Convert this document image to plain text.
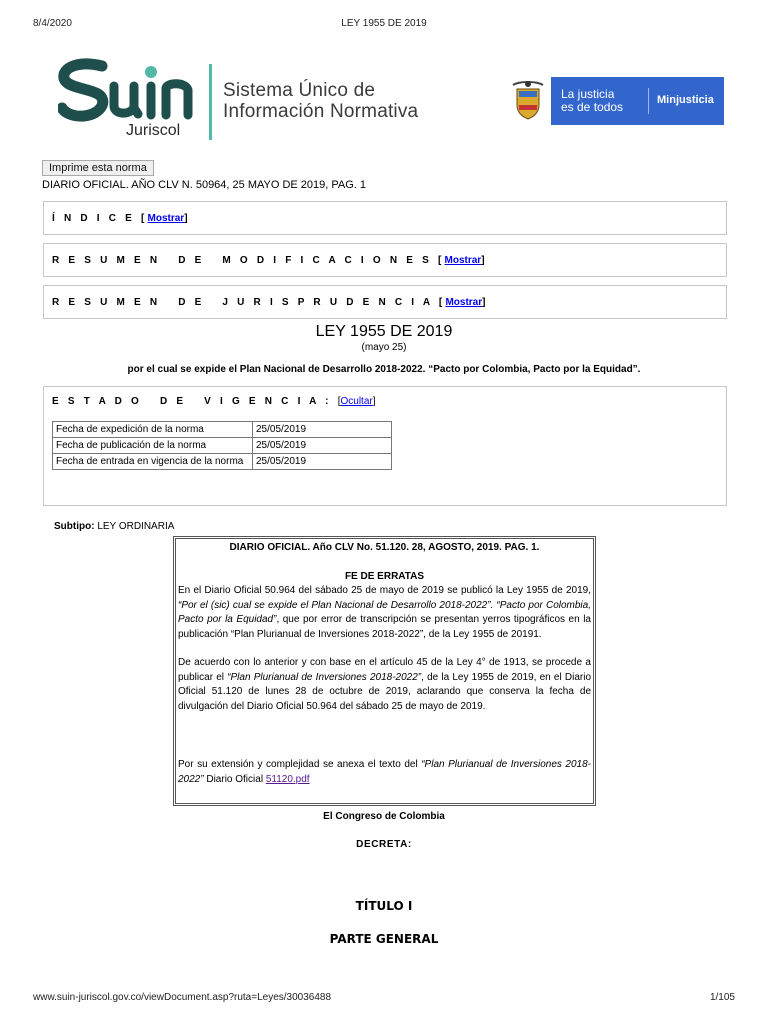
8/4/2020	LEY 1955 DE 2019
Juriscol
Sistema Único de
Información Normativa
La justicia
es de todos	Minjusticia
Imprime esta norma
DIARIO OFICIAL. AÑO CLV N. 50964, 25 MAYO DE 2019, PAG. 1
Í N D I C E [Mostrar]
R E S U M E N   D E   M O D I F I C A C I O N E S [Mostrar]
R E S U M E N   D E   J U R I S P R U D E N C I A [Mostrar]
LEY 1955 DE 2019
(mayo 25)
por el cual se expide el Plan Nacional de Desarrollo 2018-2022. “Pacto por Colombia, Pacto por la Equidad”.
E S T A D O   D E   V I G E N C I A : [Ocultar]
Fecha de expedición de la norma	25/05/2019
Fecha de publicación de la norma	25/05/2019
Fecha de entrada en vigencia de la norma	25/05/2019
Subtipo: LEY ORDINARIA

DIARIO OFICIAL. Año CLV No. 51.120. 28, AGOSTO, 2019. PAG. 1.

FE DE ERRATAS

En el Diario Oficial 50.964 del sábado 25 de mayo de 2019 se publicó la Ley 1955 de 2019, “Por el (sic) cual se expide el Plan Nacional de Desarrollo 2018-2022”. “Pacto por Colombia, Pacto por la Equidad”, que por error de transcripción se presentan yerros tipográficos en la publicación “Plan Plurianual de Inversiones 2018-2022”, de la Ley 1955 de 20191.

De acuerdo con lo anterior y con base en el artículo 45 de la Ley 4° de 1913, se procede a publicar el “Plan Plurianual de Inversiones 2018-2022”, de la Ley 1955 de 2019, en el Diario Oficial 51.120 de lunes 28 de octubre de 2019, aclarando que conserva la fecha de divulgación del Diario Oficial 50.964 del sábado 25 de mayo de 2019.

Por su extensión y complejidad se anexa el texto del “Plan Plurianual de Inversiones 2018-2022” Diario Oficial 51120.pdf

El Congreso de Colombia
DECRETA:
TÍTULO I
PARTE GENERAL
www.suin-juriscol.gov.co/viewDocument.asp?ruta=Leyes/30036488	1/105
